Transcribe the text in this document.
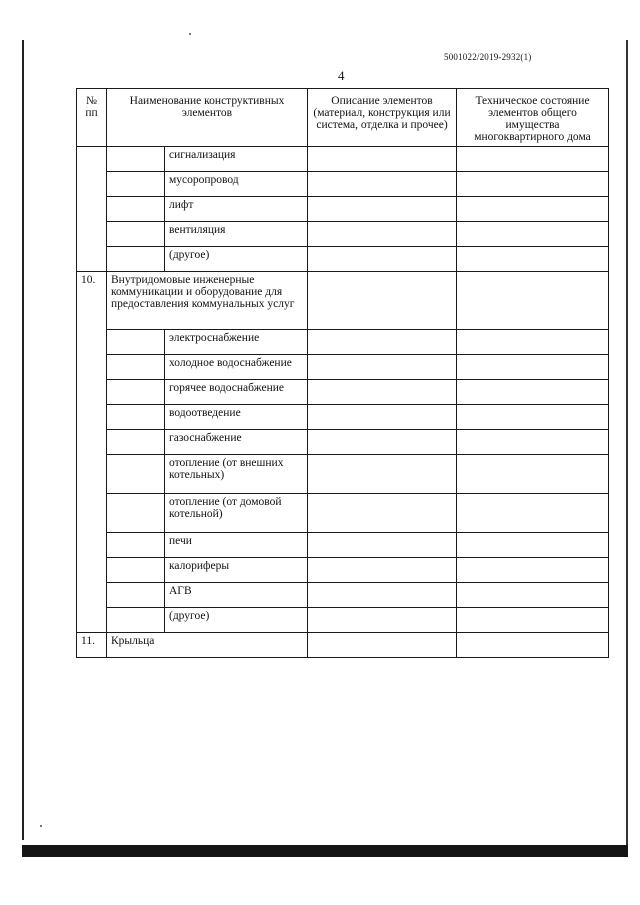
5001022/2019-2932(1)
4
№ пп	Наименование конструктивных элементов		Описание элементов (материал, конструкция или система, отделка и прочее)	Техническое состояние элементов общего имущества многоквартирного дома
		сигнализация		
		мусоропровод		
		лифт		
		вентиляция		
		(другое)		
10.	Внутридомовые инженерные коммуникации и оборудование для предоставления коммунальных услуг			
		электроснабжение		
		холодное водоснабжение		
		горячее водоснабжение		
		водоотведение		
		газоснабжение		
		отопление (от внешних котельных)		
		отопление (от домовой котельной)		
		печи		
		калориферы		
		АГВ		
		(другое)		
11.	Крыльца			
